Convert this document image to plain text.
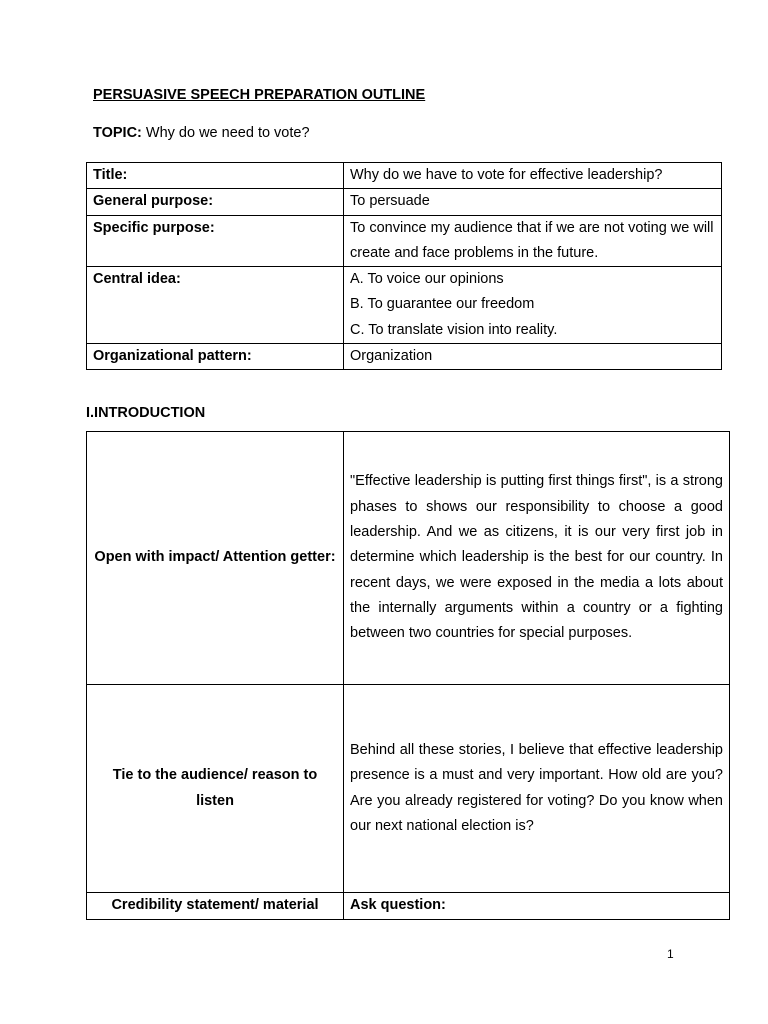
PERSUASIVE SPEECH PREPARATION OUTLINE
TOPIC: Why do we need to vote?
Title:	Why do we have to vote for effective leadership?
General purpose:	To persuade
Specific purpose:	To convince my audience that if we are not voting we will create and face problems in the future.
Central idea:	A. To voice our opinions
B. To guarantee our freedom
C. To translate vision into reality.

Organizational pattern:	Organization
I.INTRODUCTION
Open with impact/ Attention getter:	"Effective leadership is putting first things first", is a strong phases to shows our responsibility to choose a good leadership. And we as citizens, it is our very first job in determine which leadership is the best for our country. In recent days, we were exposed in the media a lots about the internally arguments within a country or a fighting between two countries for special purposes.
Tie to the audience/ reason to listen	Behind all these stories, I believe that effective leadership presence is a must and very important. How old are you? Are you already registered for voting? Do you know when our next national election is?
Credibility statement/ material	Ask question:
1
